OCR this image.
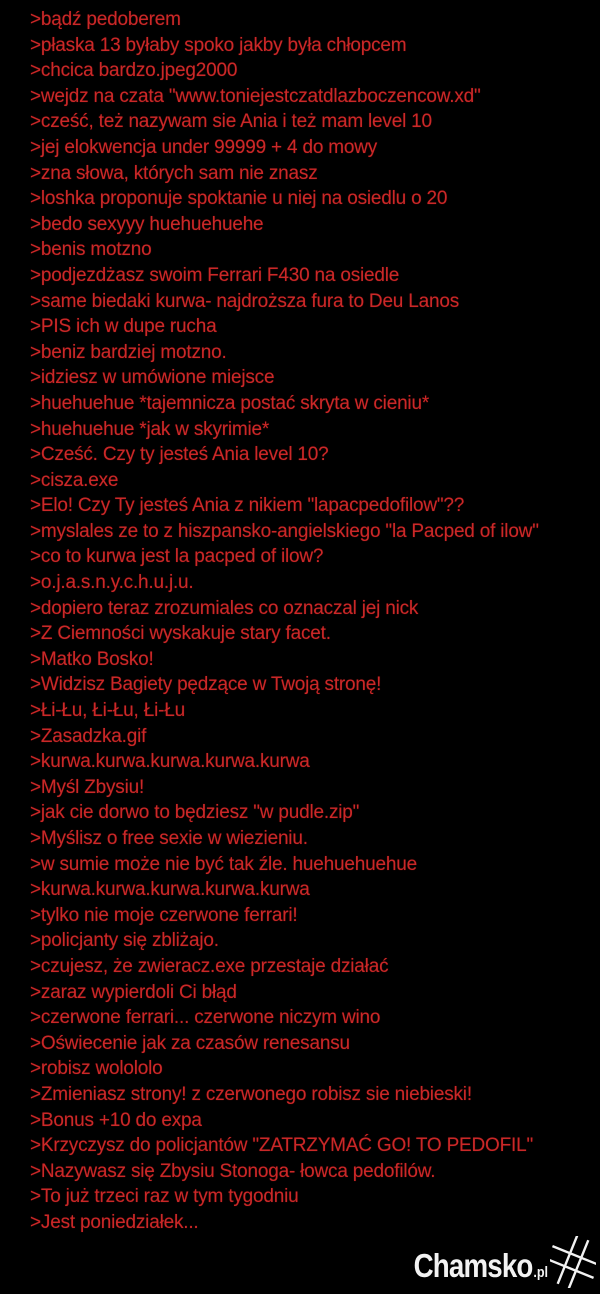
>bądź pedoberem
>płaska 13 byłaby spoko jakby była chłopcem
>chcica bardzo.jpeg2000
>wejdz na czata "www.toniejestczatdlazboczencow.xd"
>cześć, też nazywam sie Ania i też mam level 10
>jej elokwencja under 99999 + 4 do mowy
>zna słowa, których sam nie znasz
>loshka proponuje spoktanie u niej na osiedlu o 20
>bedo sexyyy huehuehuehe
>benis motzno
>podjezdżasz swoim Ferrari F430 na osiedle
>same biedaki kurwa- najdroższa fura to Deu Lanos
>PIS ich w dupe rucha
>beniz bardziej motzno.
>idziesz w umówione miejsce
>huehuehue *tajemnicza postać skryta w cieniu*
>huehuehue *jak w skyrimie*
>Cześć. Czy ty jesteś Ania level 10?
>cisza.exe
>Elo! Czy Ty jesteś Ania z nikiem "lapacpedofilow"??
>myslales ze to z hiszpansko-angielskiego "la Pacped of ilow"
>co to kurwa jest la pacped of ilow?
>o.j.a.s.n.y.c.h.u.j.u.
>dopiero teraz zrozumiales co oznaczal jej nick
>Z Ciemności wyskakuje stary facet.
>Matko Bosko!
>Widzisz Bagiety pędzące w Twoją stronę!
>Łi-Łu, Łi-Łu, Łi-Łu
>Zasadzka.gif
>kurwa.kurwa.kurwa.kurwa.kurwa
>Myśl Zbysiu!
>jak cie dorwo to będziesz "w pudle.zip"
>Myślisz o free sexie w wiezieniu.
>w sumie może nie być tak źle. huehuehuehue
>kurwa.kurwa.kurwa.kurwa.kurwa
>tylko nie moje czerwone ferrari!
>policjanty się zbliżajo.
>czujesz, że zwieracz.exe przestaje działać
>zaraz wypierdoli Ci błąd
>czerwone ferrari... czerwone niczym wino
>Oświecenie jak za czasów renesansu
>robisz wolololo
>Zmieniasz strony! z czerwonego robisz sie niebieski!
>Bonus +10 do expa
>Krzyczysz do policjantów "ZATRZYMAĆ GO! TO PEDOFIL"
>Nazywasz się Zbysiu Stonoga- łowca pedofilów.
>To już trzeci raz w tym tygodniu
>Jest poniedziałek...
Chamsko .pl
